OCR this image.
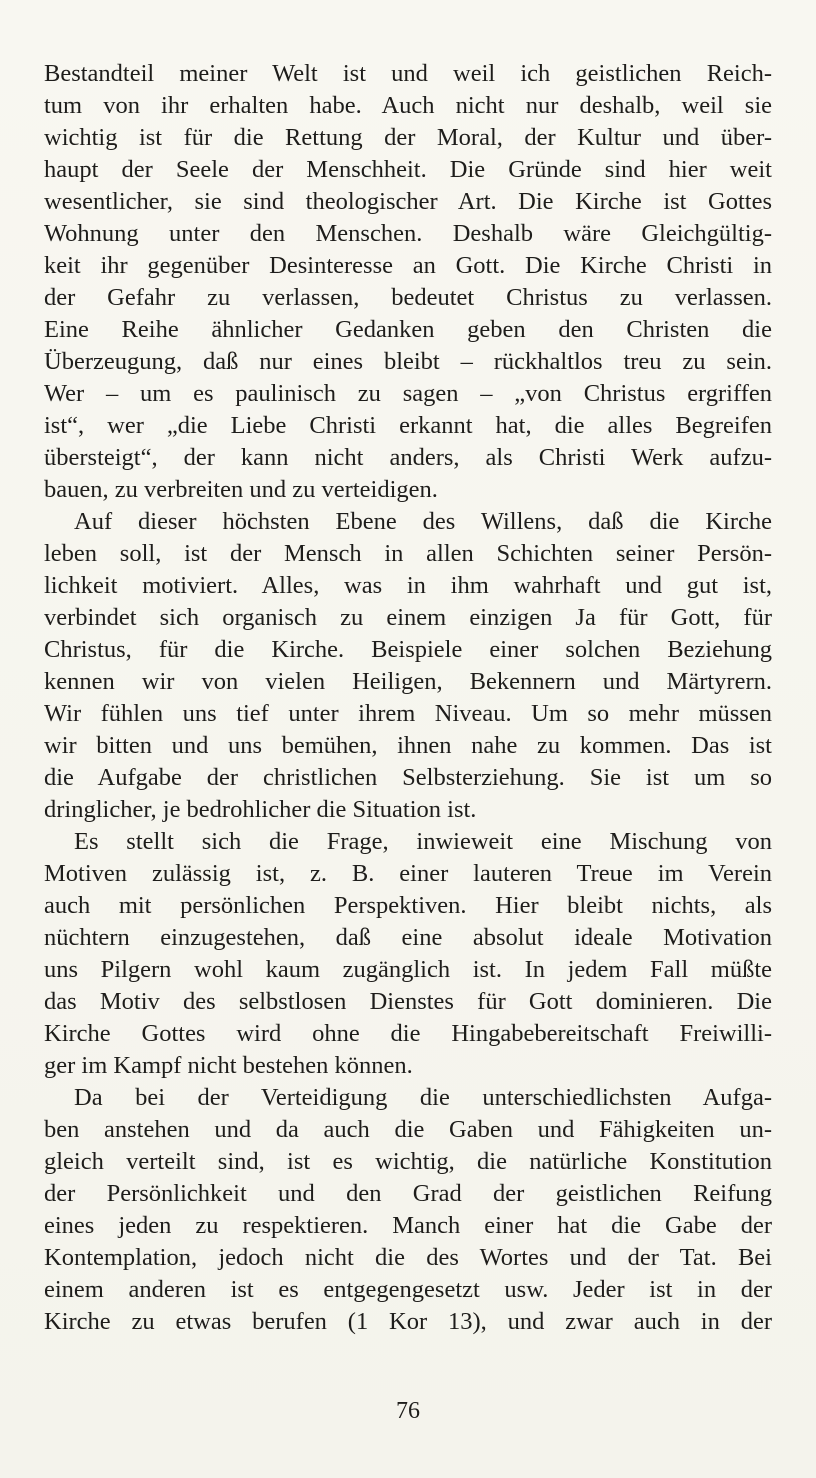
Bestandteil meiner Welt ist und weil ich geistlichen Reich-
tum von ihr erhalten habe. Auch nicht nur deshalb, weil sie
wichtig ist für die Rettung der Moral, der Kultur und über-
haupt der Seele der Menschheit. Die Gründe sind hier weit
wesentlicher, sie sind theologischer Art. Die Kirche ist Gottes
Wohnung unter den Menschen. Deshalb wäre Gleichgültig-
keit ihr gegenüber Desinteresse an Gott. Die Kirche Christi in
der Gefahr zu verlassen, bedeutet Christus zu verlassen.
Eine Reihe ähnlicher Gedanken geben den Christen die
Überzeugung, daß nur eines bleibt – rückhaltlos treu zu sein.
Wer – um es paulinisch zu sagen – „von Christus ergriffen
ist“, wer „die Liebe Christi erkannt hat, die alles Begreifen
übersteigt“, der kann nicht anders, als Christi Werk aufzu-
bauen, zu verbreiten und zu verteidigen.
Auf dieser höchsten Ebene des Willens, daß die Kirche
leben soll, ist der Mensch in allen Schichten seiner Persön-
lichkeit motiviert. Alles, was in ihm wahrhaft und gut ist,
verbindet sich organisch zu einem einzigen Ja für Gott, für
Christus, für die Kirche. Beispiele einer solchen Beziehung
kennen wir von vielen Heiligen, Bekennern und Märtyrern.
Wir fühlen uns tief unter ihrem Niveau. Um so mehr müssen
wir bitten und uns bemühen, ihnen nahe zu kommen. Das ist
die Aufgabe der christlichen Selbsterziehung. Sie ist um so
dringlicher, je bedrohlicher die Situation ist.
Es stellt sich die Frage, inwieweit eine Mischung von
Motiven zulässig ist, z. B. einer lauteren Treue im Verein
auch mit persönlichen Perspektiven. Hier bleibt nichts, als
nüchtern einzugestehen, daß eine absolut ideale Motivation
uns Pilgern wohl kaum zugänglich ist. In jedem Fall müßte
das Motiv des selbstlosen Dienstes für Gott dominieren. Die
Kirche Gottes wird ohne die Hingabebereitschaft Freiwilli-
ger im Kampf nicht bestehen können.
Da bei der Verteidigung die unterschiedlichsten Aufga-
ben anstehen und da auch die Gaben und Fähigkeiten un-
gleich verteilt sind, ist es wichtig, die natürliche Konstitution
der Persönlichkeit und den Grad der geistlichen Reifung
eines jeden zu respektieren. Manch einer hat die Gabe der
Kontemplation, jedoch nicht die des Wortes und der Tat. Bei
einem anderen ist es entgegengesetzt usw. Jeder ist in der
Kirche zu etwas berufen (1 Kor 13), und zwar auch in der
76
